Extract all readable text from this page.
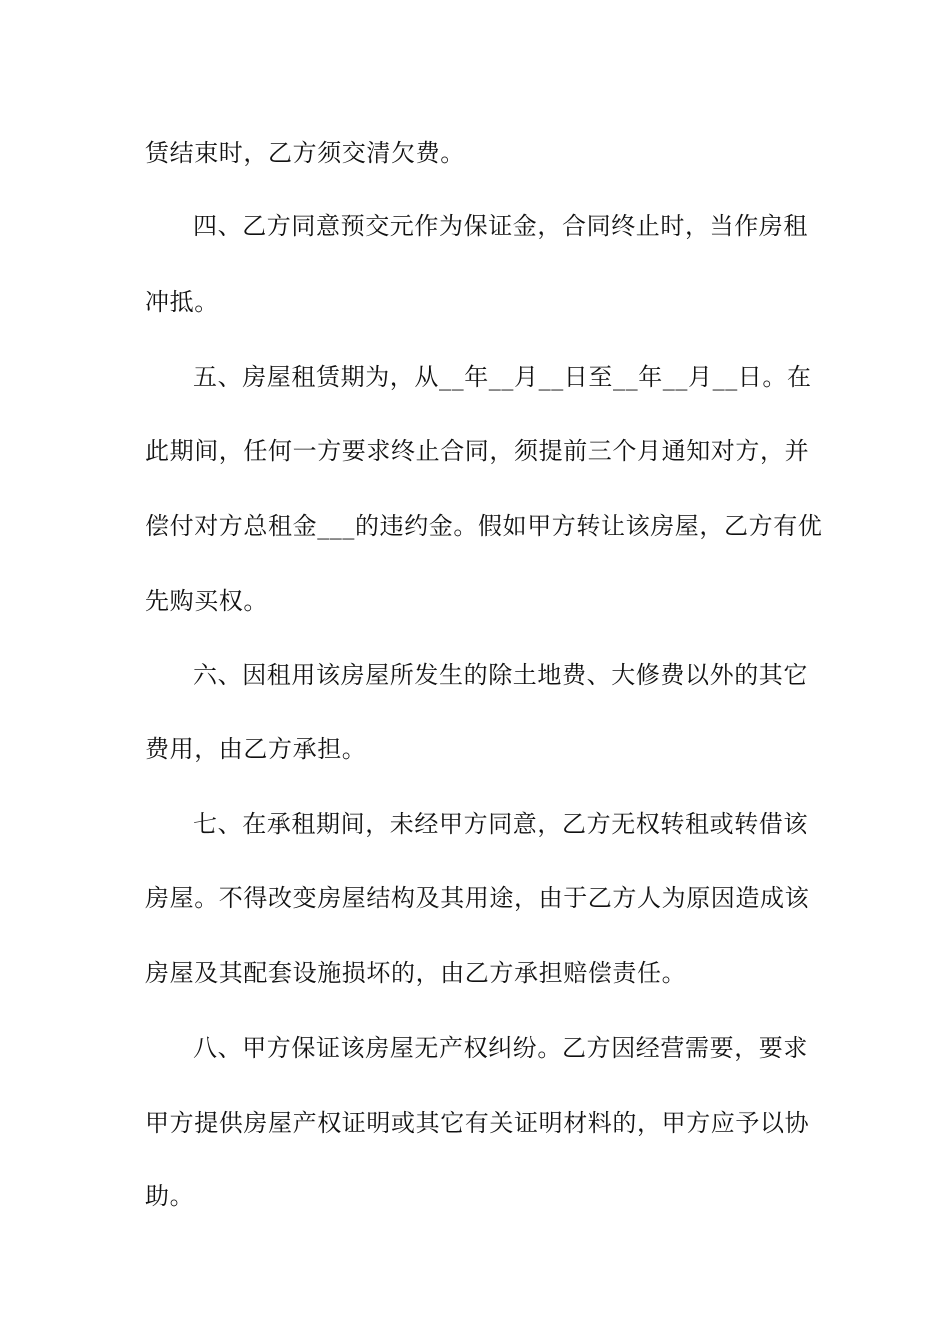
赁结束时，乙方须交清欠费。
四、乙方同意预交元作为保证金，合同终止时，当作房租
冲抵。
五、房屋租赁期为，从__年__月__日至__年__月__日。在
此期间，任何一方要求终止合同，须提前三个月通知对方，并
偿付对方总租金___的违约金。假如甲方转让该房屋，乙方有优
先购买权。
六、因租用该房屋所发生的除土地费、大修费以外的其它
费用，由乙方承担。
七、在承租期间，未经甲方同意，乙方无权转租或转借该
房屋。不得改变房屋结构及其用途，由于乙方人为原因造成该
房屋及其配套设施损坏的，由乙方承担赔偿责任。
八、甲方保证该房屋无产权纠纷。乙方因经营需要，要求
甲方提供房屋产权证明或其它有关证明材料的，甲方应予以协
助。
